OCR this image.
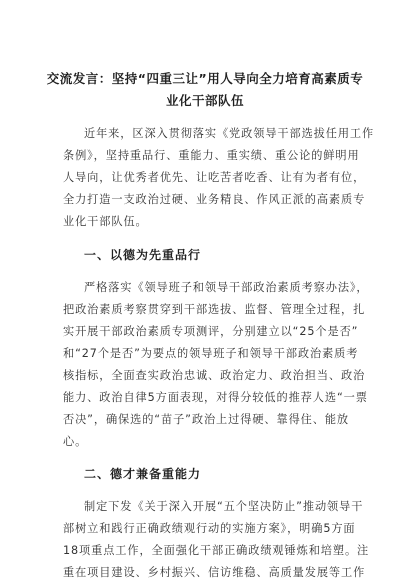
交流发言：坚持“四重三让”用人导向全力培育高素质专
业化干部队伍
近年来，区深入贯彻落实《党政领导干部选拔任用工作
条例》，坚持重品行、重能力、重实绩、重公论的鲜明用
人导向，让优秀者优先、让吃苦者吃香、让有为者有位，
全力打造一支政治过硬、业务精良、作风正派的高素质专
业化干部队伍。
一、以德为先重品行
严格落实《领导班子和领导干部政治素质考察办法》，
把政治素质考察贯穿到干部选拔、监督、管理全过程，扎
实开展干部政治素质专项测评，分别建立以“25个是否”
和“27个是否”为要点的领导班子和领导干部政治素质考
核指标，全面查实政治忠诚、政治定力、政治担当、政治
能力、政治自律5方面表现，对得分较低的推荐人选“一票
否决”，确保选的“苗子”政治上过得硬、靠得住、能放
心。
二、德才兼备重能力
制定下发《关于深入开展“五个坚决防止”推动领导干
部树立和践行正确政绩观行动的实施方案》，明确5方面
18项重点工作，全面强化干部正确政绩观锤炼和培塑。注
重在项目建设、乡村振兴、信访维稳、高质量发展等工作
